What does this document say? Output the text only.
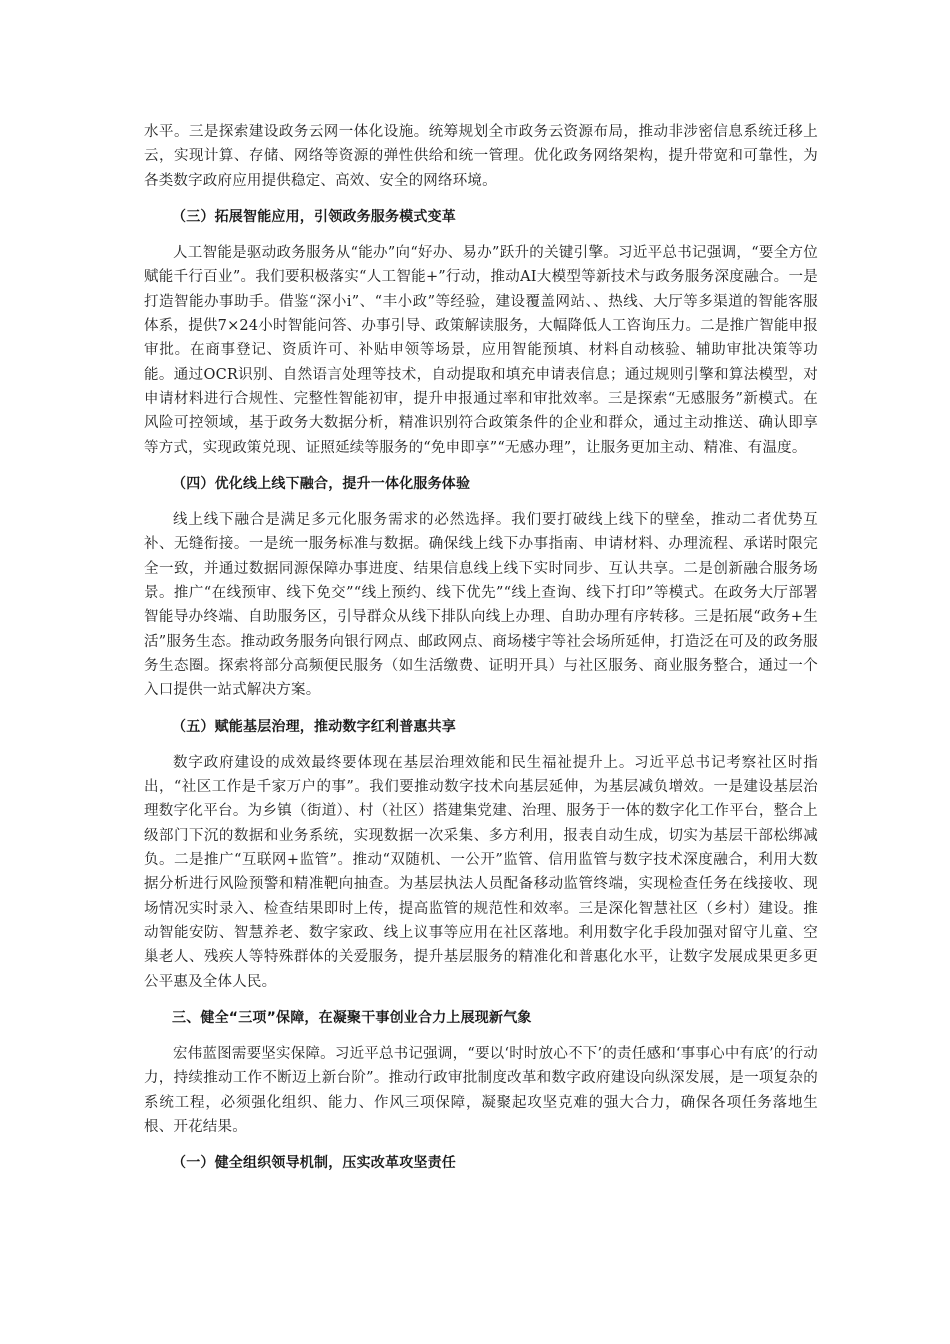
水平。三是探索建设政务云网一体化设施。统筹规划全市政务云资源布局，推动非涉密信息系统迁移上云，实现计算、存储、网络等资源的弹性供给和统一管理。优化政务网络架构，提升带宽和可靠性，为各类数字政府应用提供稳定、高效、安全的网络环境。

（三）拓展智能应用，引领政务服务模式变革

人工智能是驱动政务服务从“能办”向“好办、易办”跃升的关键引擎。习近平总书记强调，“要全方位赋能千行百业”。我们要积极落实“人工智能+”行动，推动AI大模型等新技术与政务服务深度融合。一是打造智能办事助手。借鉴“深小i”、“丰小政”等经验，建设覆盖网站、、热线、大厅等多渠道的智能客服体系，提供7×24小时智能问答、办事引导、政策解读服务，大幅降低人工咨询压力。二是推广智能申报审批。在商事登记、资质许可、补贴申领等场景，应用智能预填、材料自动核验、辅助审批决策等功能。通过OCR识别、自然语言处理等技术，自动提取和填充申请表信息；通过规则引擎和算法模型，对申请材料进行合规性、完整性智能初审，提升申报通过率和审批效率。三是探索“无感服务”新模式。在风险可控领域，基于政务大数据分析，精准识别符合政策条件的企业和群众，通过主动推送、确认即享等方式，实现政策兑现、证照延续等服务的“免申即享”“无感办理”，让服务更加主动、精准、有温度。

（四）优化线上线下融合，提升一体化服务体验

线上线下融合是满足多元化服务需求的必然选择。我们要打破线上线下的壁垒，推动二者优势互补、无缝衔接。一是统一服务标准与数据。确保线上线下办事指南、申请材料、办理流程、承诺时限完全一致，并通过数据同源保障办事进度、结果信息线上线下实时同步、互认共享。二是创新融合服务场景。推广“在线预审、线下免交”“线上预约、线下优先”“线上查询、线下打印”等模式。在政务大厅部署智能导办终端、自助服务区，引导群众从线下排队向线上办理、自助办理有序转移。三是拓展“政务+生活”服务生态。推动政务服务向银行网点、邮政网点、商场楼宇等社会场所延伸，打造泛在可及的政务服务生态圈。探索将部分高频便民服务（如生活缴费、证明开具）与社区服务、商业服务整合，通过一个入口提供一站式解决方案。

（五）赋能基层治理，推动数字红利普惠共享

数字政府建设的成效最终要体现在基层治理效能和民生福祉提升上。习近平总书记考察社区时指出，“社区工作是千家万户的事”。我们要推动数字技术向基层延伸，为基层减负增效。一是建设基层治理数字化平台。为乡镇（街道）、村（社区）搭建集党建、治理、服务于一体的数字化工作平台，整合上级部门下沉的数据和业务系统，实现数据一次采集、多方利用，报表自动生成，切实为基层干部松绑减负。二是推广“互联网+监管”。推动“双随机、一公开”监管、信用监管与数字技术深度融合，利用大数据分析进行风险预警和精准靶向抽查。为基层执法人员配备移动监管终端，实现检查任务在线接收、现场情况实时录入、检查结果即时上传，提高监管的规范性和效率。三是深化智慧社区（乡村）建设。推动智能安防、智慧养老、数字家政、线上议事等应用在社区落地。利用数字化手段加强对留守儿童、空巢老人、残疾人等特殊群体的关爱服务，提升基层服务的精准化和普惠化水平，让数字发展成果更多更公平惠及全体人民。

三、健全“三项”保障，在凝聚干事创业合力上展现新气象

宏伟蓝图需要坚实保障。习近平总书记强调，“要以‘时时放心不下’的责任感和‘事事心中有底’的行动力，持续推动工作不断迈上新台阶”。推动行政审批制度改革和数字政府建设向纵深发展，是一项复杂的系统工程，必须强化组织、能力、作风三项保障，凝聚起攻坚克难的强大合力，确保各项任务落地生根、开花结果。

（一）健全组织领导机制，压实改革攻坚责任
